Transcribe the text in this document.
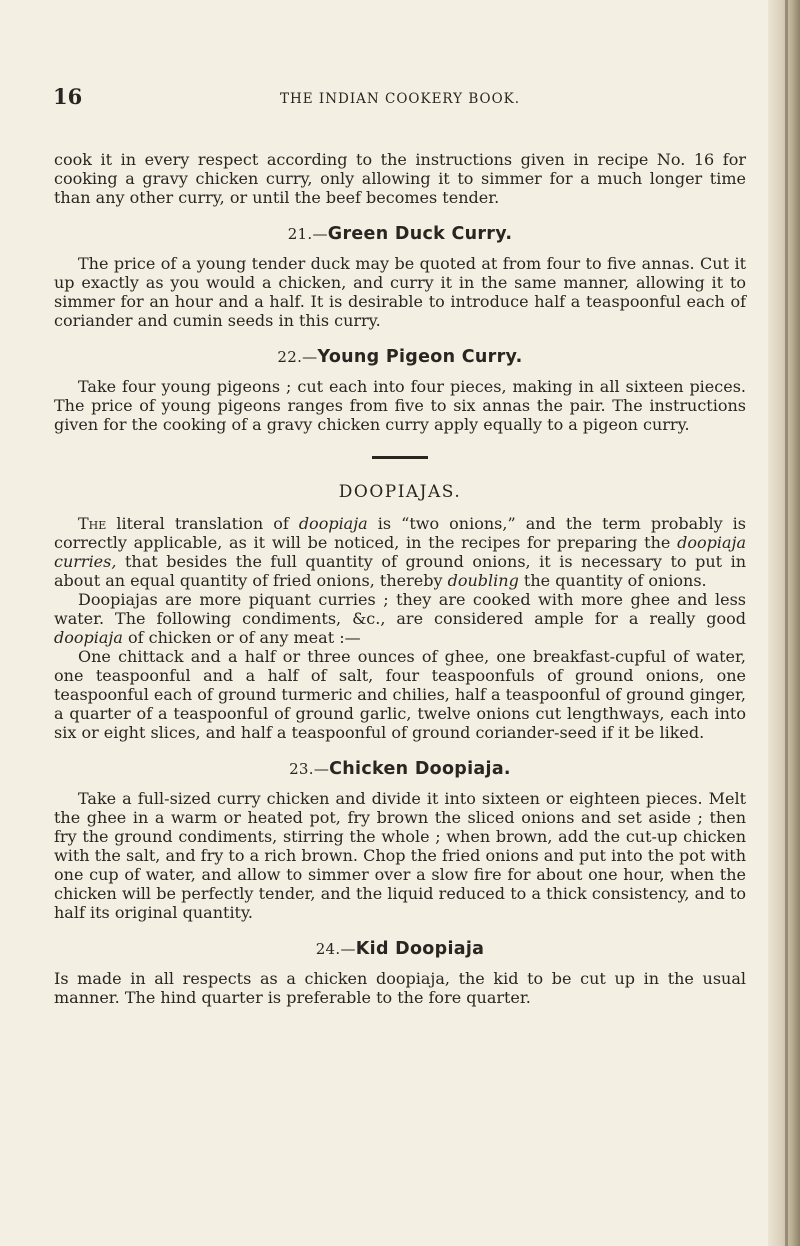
16	THE INDIAN COOKERY BOOK.

cook it in every respect according to the instructions given in recipe No. 16 for cooking a gravy chicken curry, only allowing it to simmer for a much longer time than any other curry, or until the beef becomes tender.

21.—Green Duck Curry.

The price of a young tender duck may be quoted at from four to five annas. Cut it up exactly as you would a chicken, and curry it in the same manner, allowing it to simmer for an hour and a half. It is desirable to introduce half a teaspoonful each of coriander and cumin seeds in this curry.

22.—Young Pigeon Curry.

Take four young pigeons ; cut each into four pieces, making in all sixteen pieces. The price of young pigeons ranges from five to six annas the pair. The instructions given for the cooking of a gravy chicken curry apply equally to a pigeon curry.

DOOPIAJAS.

The literal translation of doopiaja is “two onions,” and the term probably is correctly applicable, as it will be noticed, in the recipes for preparing the doopiaja curries, that besides the full quantity of ground onions, it is necessary to put in about an equal quantity of fried onions, thereby doubling the quantity of onions.

Doopiajas are more piquant curries ; they are cooked with more ghee and less water. The following condiments, &c., are considered ample for a really good doopiaja of chicken or of any meat :—

One chittack and a half or three ounces of ghee, one breakfast-cupful of water, one teaspoonful and a half of salt, four teaspoonfuls of ground onions, one teaspoonful each of ground turmeric and chilies, half a teaspoonful of ground ginger, a quarter of a teaspoonful of ground garlic, twelve onions cut lengthways, each into six or eight slices, and half a teaspoonful of ground coriander-seed if it be liked.

23.—Chicken Doopiaja.

Take a full-sized curry chicken and divide it into sixteen or eighteen pieces. Melt the ghee in a warm or heated pot, fry brown the sliced onions and set aside ; then fry the ground condiments, stirring the whole ; when brown, add the cut-up chicken with the salt, and fry to a rich brown. Chop the fried onions and put into the pot with one cup of water, and allow to simmer over a slow fire for about one hour, when the chicken will be perfectly tender, and the liquid reduced to a thick consistency, and to half its original quantity.

24.—Kid Doopiaja

Is made in all respects as a chicken doopiaja, the kid to be cut up in the usual manner. The hind quarter is preferable to the fore quarter.
